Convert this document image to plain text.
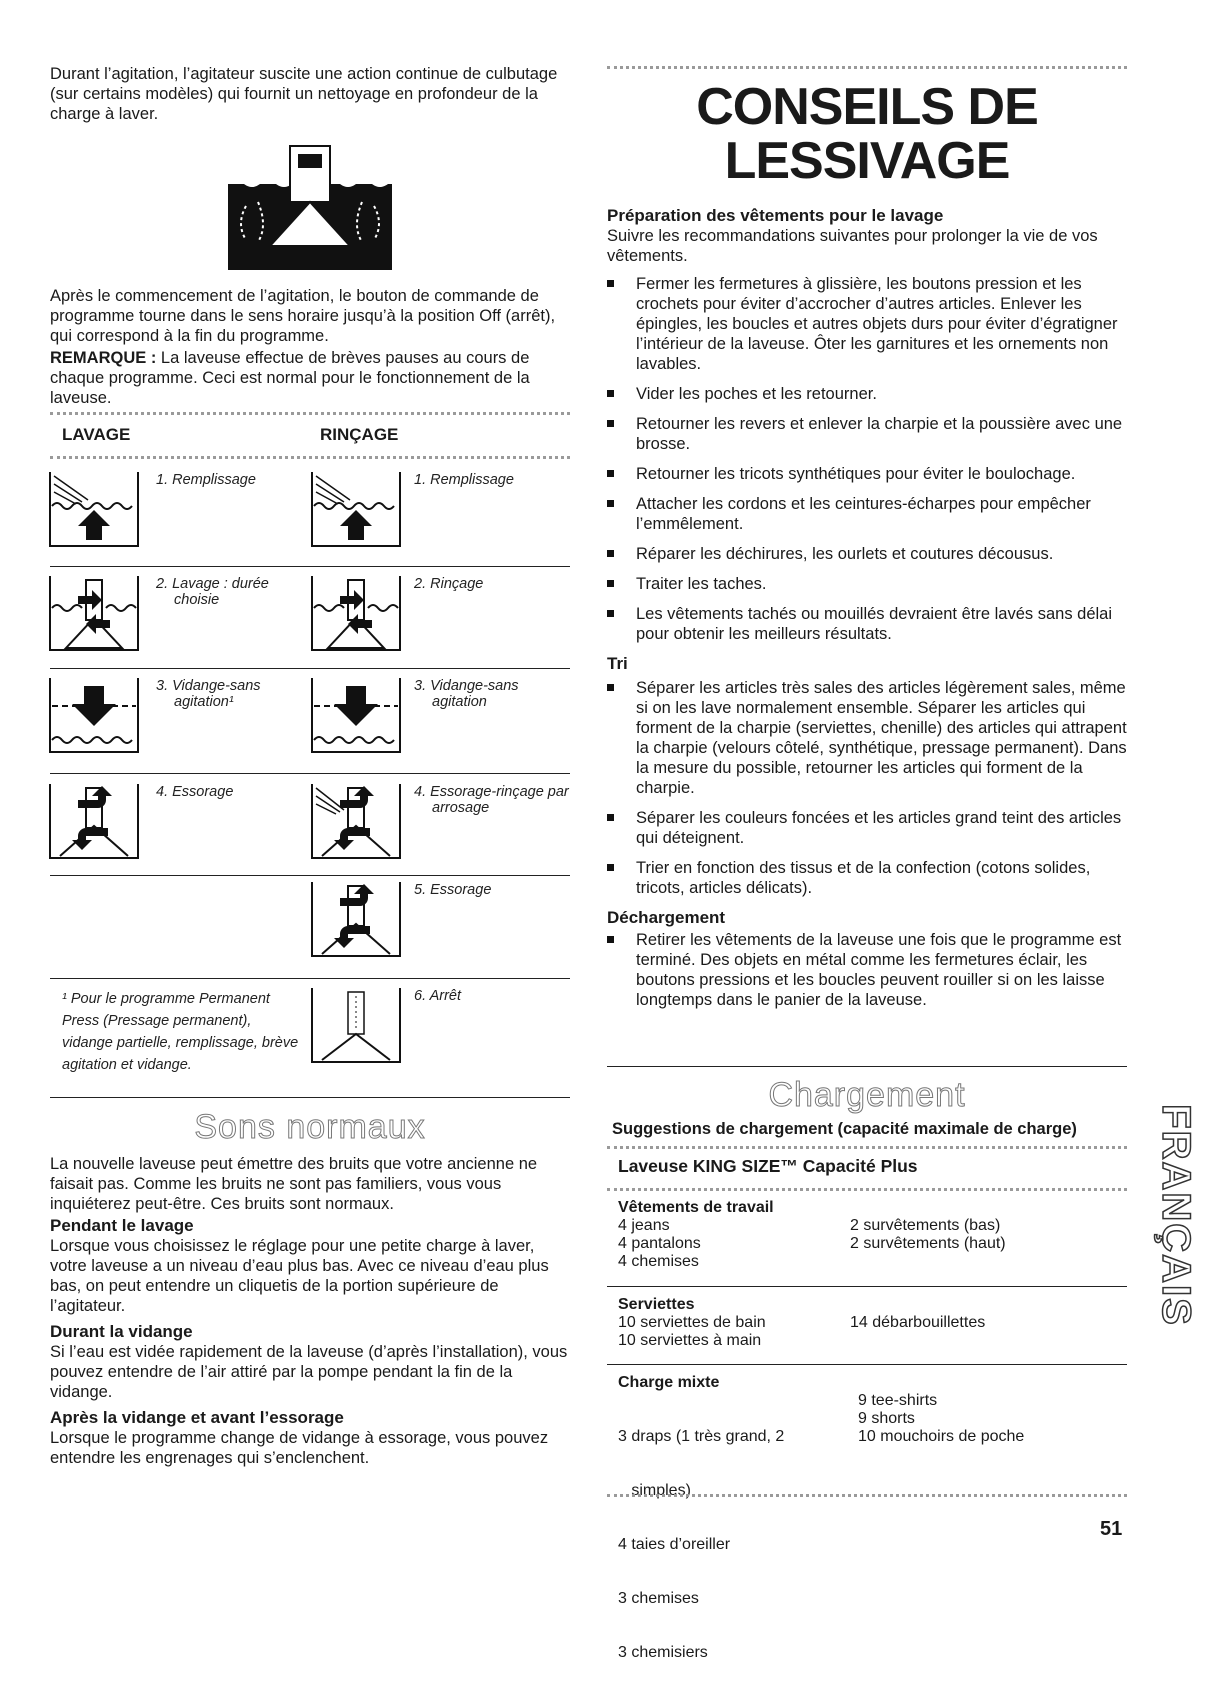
Durant l’agitation, l’agitateur suscite une action continue de culbutage (sur certains modèles) qui fournit un nettoyage en profondeur de la charge à laver.

Après le commencement de l’agitation, le bouton de commande de programme tourne dans le sens horaire jusqu’à la position Off (arrêt), qui correspond à la fin du programme.

REMARQUE : La laveuse effectue de brèves pauses au cours de chaque programme. Ceci est normal pour le fonctionnement de la laveuse.

LAVAGE	RINÇAGE
1. Remplissage
2. Lavage : durée choisie
3. Vidange-sans agitation¹
4. Essorage
1. Remplissage
2. Rinçage
3. Vidange-sans agitation
4. Essorage-rinçage par arrosage
5. Essorage
6. Arrêt
¹ Pour le programme Permanent Press (Pressage permanent), vidange partielle, remplissage, brève agitation et vidange.
Sons normaux

La nouvelle laveuse peut émettre des bruits que votre ancienne ne faisait pas. Comme les bruits ne sont pas familiers, vous vous inquiéterez peut-être. Ces bruits sont normaux.

Pendant le lavage

Lorsque vous choisissez le réglage pour une petite charge à laver, votre laveuse a un niveau d’eau plus bas. Avec ce niveau d’eau plus bas, on peut entendre un cliquetis de la portion supérieure de l’agitateur.

Durant la vidange

Si l’eau est vidée rapidement de la laveuse (d’après l’installation), vous pouvez entendre de l’air attiré par la pompe pendant la fin de la vidange.

Après la vidange et avant l’essorage

Lorsque le programme change de vidange à essorage, vous pouvez entendre les engrenages qui s’enclenchent.

CONSEILS DE
LESSIVAGE
Préparation des vêtements pour le lavage

Suivre les recommandations suivantes pour prolonger la vie de vos vêtements.

Fermer les fermetures à glissière, les boutons pression et les crochets pour éviter d’accrocher d’autres articles. Enlever les épingles, les boucles et autres objets durs pour éviter d’égratigner l’intérieur de la laveuse. Ôter les garnitures et les ornements non lavables.
Vider les poches et les retourner.
Retourner les revers et enlever la charpie et la poussière avec une brosse.
Retourner les tricots synthétiques pour éviter le boulochage.
Attacher les cordons et les ceintures-écharpes pour empêcher l’emmêlement.
Réparer les déchirures, les ourlets et coutures décousus.
Traiter les taches.
Les vêtements tachés ou mouillés devraient être lavés sans délai pour obtenir les meilleurs résultats.
Tri
Séparer les articles très sales des articles légèrement sales, même si on les lave normalement ensemble. Séparer les articles qui forment de la charpie (serviettes, chenille) des articles qui attrapent la charpie (velours côtelé, synthétique, pressage permanent). Dans la mesure du possible, retourner les articles qui forment de la charpie.
Séparer les couleurs foncées et les articles grand teint des articles qui déteignent.
Trier en fonction des tissus et de la confection (cotons solides, tricots, articles délicats).
Déchargement
Retirer les vêtements de la laveuse une fois que le programme est terminé. Des objets en métal comme les fermetures éclair, les boutons pressions et les boucles peuvent rouiller si on les laisse longtemps dans le panier de la laveuse.
Chargement
Suggestions de chargement (capacité maximale de charge)
Laveuse KING SIZE™ Capacité Plus
Vêtements de travail
4 jeans
4 pantalons
4 chemises
2 survêtements (bas)
2 survêtements (haut)
Serviettes
10 serviettes de bain
10 serviettes à main
14 débarbouillettes
Charge mixte

3 draps (1 très grand, 2

simples)

4 taies d’oreiller

3 chemises

3 chemisiers

9 tee-shirts
9 shorts
10 mouchoirs de poche
FRANÇAIS
51
